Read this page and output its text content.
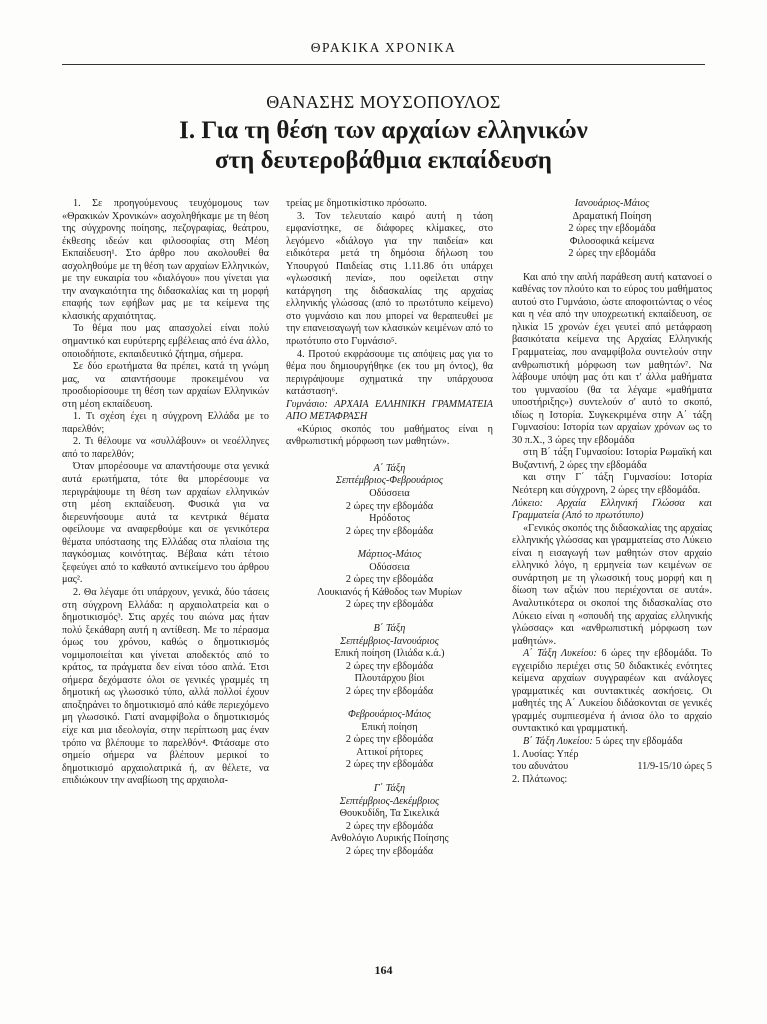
ΘΡΑΚΙΚΑ ΧΡΟΝΙΚΑ
ΘΑΝΑΣΗΣ ΜΟΥΣΟΠΟΥΛΟΣ
Ι. Για τη θέση των αρχαίων ελληνικών
στη δευτεροβάθμια εκπαίδευση

1. Σε προηγούμενους τευχόμομους των «Θρακικών Χρονικών» ασχοληθήκαμε με τη θέση της σύγχρονης ποίησης, πεζογραφίας, θεάτρου, έκθεσης ιδεών και φιλοσοφίας στη Μέση Εκπαίδευση¹. Στο άρθρο που ακολουθεί θα ασχοληθούμε με τη θέση των αρχαίων Ελληνικών, με την ευκαιρία του «διαλόγου» που γίνεται για την αναγκαιότητα της διδασκαλίας και τη μορφή επαφής των εφήβων μας με τα κείμενα της κλασικής αρχαιότητας.

Το θέμα που μας απασχολεί είναι πολύ σημαντικό και ευρύτερης εμβέλειας από ένα άλλο, οποιοδήποτε, εκπαιδευτικό ζήτημα, σήμερα.

Σε δύο ερωτήματα θα πρέπει, κατά τη γνώμη μας, να απαντήσουμε προκειμένου να προσδιορίσουμε τη θέση των αρχαίων Ελληνικών στη μέση εκπαίδευση.

1. Τι σχέση έχει η σύγχρονη Ελλάδα με το παρελθόν;

2. Τι θέλουμε να «συλλάβουν» οι νεοέλληνες από το παρελθόν;

Όταν μπορέσουμε να απαντήσουμε στα γενικά αυτά ερωτήματα, τότε θα μπορέσουμε να περιγράψουμε τη θέση των αρχαίων ελληνικών στη μέση εκπαίδευση. Φυσικά για να διερευνήσουμε αυτά τα κεντρικά θέματα οφείλουμε να αναφερθούμε και σε γενικότερα θέματα υπόστασης της Ελλάδας στα πλαίσια της παγκόσμιας κοινότητας. Βέβαια κάτι τέτοιο ξεφεύγει από το καθαυτό αντικείμενο του άρθρου μας².

2. Θα λέγαμε ότι υπάρχουν, γενικά, δύο τάσεις στη σύγχρονη Ελλάδα: η αρχαιολατρεία και ο δημοτικισμός³. Στις αρχές του αιώνα μας ήταν πολύ ξεκάθαρη αυτή η αντίθεση. Με το πέρασμα όμως του χρόνου, καθώς ο δημοτικισμός νομιμοποιείται και γίνεται αποδεκτός από το κράτος, τα πράγματα δεν είναι τόσο απλά. Έτσι σήμερα δεχόμαστε όλοι σε γενικές γραμμές τη δημοτική ως γλωσσικό τύπο, αλλά πολλοί έχουν αποξηράνει το δημοτικισμό από κάθε περιεχόμενο μη γλωσσικό. Γιατί αναμφίβολα ο δημοτικισμός είχε και μια ιδεολογία, στην περίπτωση μας έναν τρόπο να βλέπουμε το παρελθόν⁴. Φτάσαμε στο σημείο σήμερα να βλέπουν μερικοί το δημοτικισμό αρχαιολατρικά ή, αν θέλετε, να επιδιώκουν την αναβίωση της αρχαιολα-

τρείας με δημοτικίστικο πρόσωπο.

3. Τον τελευταίο καιρό αυτή η τάση εμφανίστηκε, σε διάφορες κλίμακες, στο λεγόμενο «διάλογο για την παιδεία» και ειδικότερα μετά τη δημόσια δήλωση του Υπουργού Παιδείας στις 1.11.86 ότι υπάρχει «γλωσσική πενία», που οφείλεται στην κατάργηση της διδασκαλίας της αρχαίας ελληνικής γλώσσας (από το πρωτότυπο κείμενο) στο γυμνάσιο και που μπορεί να θεραπευθεί με την επανεισαγωγή των κλασικών κειμένων από το πρωτότυπο στο Γυμνάσιο⁵.

4. Προτού εκφράσουμε τις απόψεις μας για το θέμα που δημιουργήθηκε (εκ του μη όντος), θα περιγράψουμε σχηματικά την υπάρχουσα κατάσταση⁶.

Γυμνάσιο: ΑΡΧΑΙΑ ΕΛΛΗΝΙΚΗ ΓΡΑΜΜΑΤΕΙΑ ΑΠΟ ΜΕΤΑΦΡΑΣΗ

«Κύριος σκοπός του μαθήματος είναι η ανθρωπιστική μόρφωση των μαθητών».

Α΄ Τάξη

Σεπτέμβριος-Φεβρουάριος

Οδύσσεια

2 ώρες την εβδομάδα

Ηρόδοτος

2 ώρες την εβδομάδα

Μάρτιος-Μάιος

Οδύσσεια

2 ώρες την εβδομάδα

Λουκιανός ή Κάθοδος των Μυρίων

2 ώρες την εβδομάδα

Β΄ Τάξη

Σεπτέμβριος-Ιανουάριος

Επική ποίηση (Ιλιάδα κ.ά.)

2 ώρες την εβδομάδα

Πλουτάρχου βίοι

2 ώρες την εβδομάδα

Φεβρουάριος-Μάιος

Επική ποίηση

2 ώρες την εβδομάδα

Αττικοί ρήτορες

2 ώρες την εβδομάδα

Γ΄ Τάξη

Σεπτέμβριος-Δεκέμβριος

Θουκυδίδη, Τα Σικελικά

2 ώρες την εβδομάδα

Ανθολόγιο Λυρικής Ποίησης

2 ώρες την εβδομάδα

Ιανουάριος-Μάιος

Δραματική Ποίηση

2 ώρες την εβδομάδα

Φιλοσοφικά κείμενα

2 ώρες την εβδομάδα

Και από την απλή παράθεση αυτή κατανοεί ο καθένας τον πλούτο και το εύρος του μαθήματος αυτού στο Γυμνάσιο, ώστε αποφοιτώντας ο νέος και η νέα από την υποχρεωτική εκπαίδευση, σε ηλικία 15 χρονών έχει γευτεί από μετάφραση βασικότατα κείμενα της Αρχαίας Ελληνικής Γραμματείας, που αναμφίβολα συντελούν στην ανθρωπιστική μόρφωση των μαθητών⁷. Να λάβουμε υπόψη μας ότι και τ' άλλα μαθήματα του γυμνασίου (θα τα λέγαμε «μαθήματα υποστήριξης») συντελούν σ' αυτό το σκοπό, ιδίως η Ιστορία. Συγκεκριμένα στην Α΄ τάξη Γυμνασίου: Ιστορία των αρχαίων χρόνων ως το 30 π.Χ., 3 ώρες την εβδομάδα

στη Β΄ τάξη Γυμνασίου: Ιστορία Ρωμαϊκή και Βυζαντινή, 2 ώρες την εβδομάδα

και στην Γ΄ τάξη Γυμνασίου: Ιστορία Νεότερη και σύγχρονη, 2 ώρες την εβδομάδα.

Λύκειο: Αρχαία Ελληνική Γλώσσα και Γραμματεία (Από το πρωτότυπο)

«Γενικός σκοπός της διδασκαλίας της αρχαίας ελληνικής γλώσσας και γραμματείας στο Λύκειο είναι η εισαγωγή των μαθητών στον αρχαίο ελληνικό λόγο, η ερμηνεία των κειμένων σε συνάρτηση με τη γλωσσική τους μορφή και η δίωση των αξιών που περιέχονται σε αυτά». Αναλυτικότερα οι σκοποί της διδασκαλίας στο Λύκειο είναι η «σπουδή της αρχαίας ελληνικής γλώσσας» και «ανθρωπιστική μόρφωση των μαθητών».

Α΄ Τάξη Λυκείου: 6 ώρες την εβδομάδα. Το εγχειρίδιο περιέχει στις 50 διδακτικές ενότητες κείμενα αρχαίων συγγραφέων και ανάλογες γραμματικές και συντακτικές ασκήσεις. Οι μαθητές της Α΄ Λυκείου διδάσκονται σε γενικές γραμμές συμπιεσμένα ή άνισα όλο το αρχαίο συντακτικό και γραμματική.

Β΄ Τάξη Λυκείου: 5 ώρες την εβδομάδα

1. Λυσίας: Υπέρ

του αδυνάτου	11/9-15/10 ώρες 5

2. Πλάτωνος:

164
